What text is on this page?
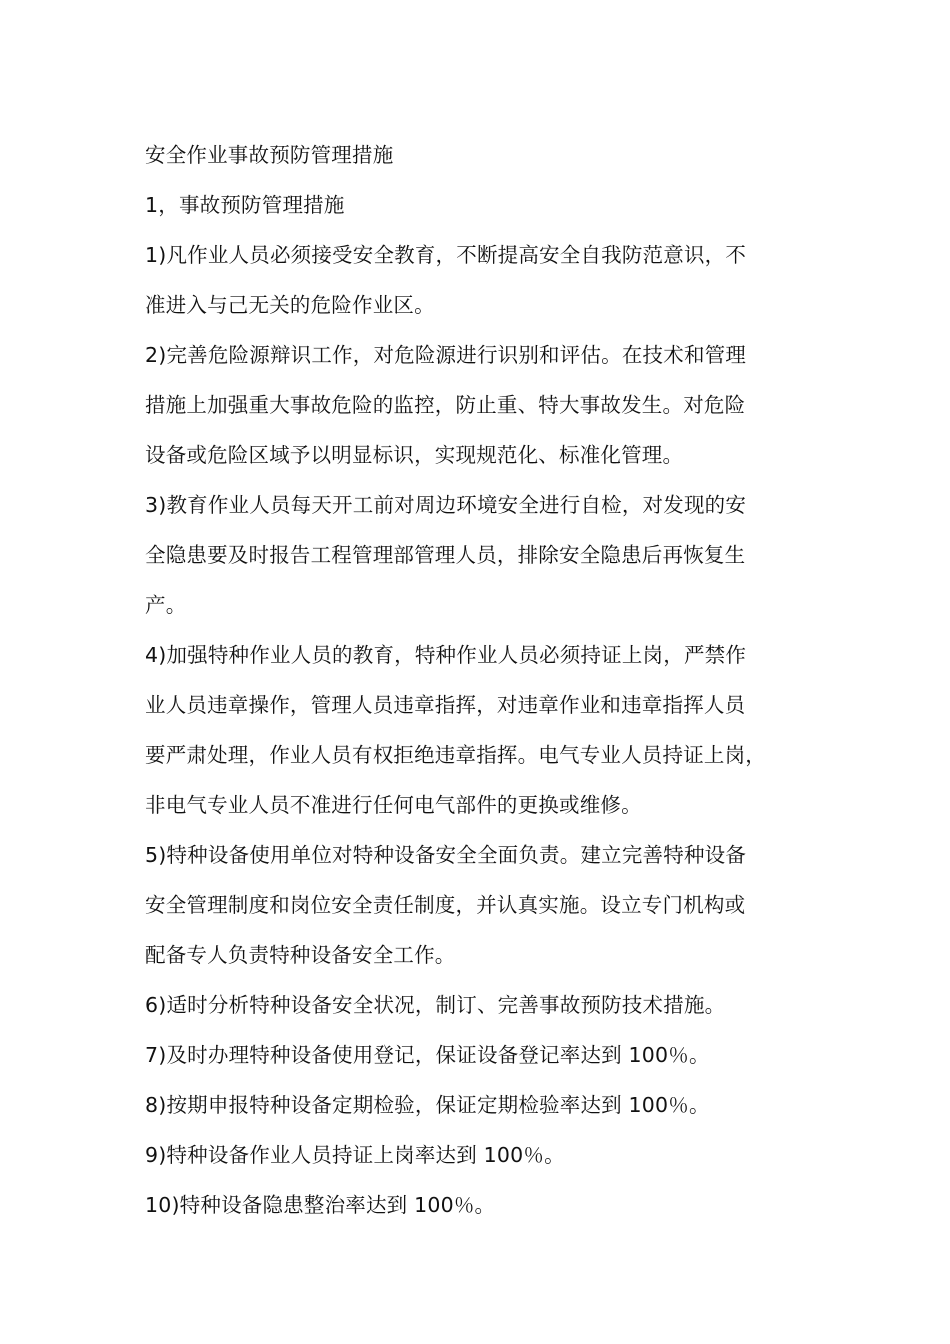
安全作业事故预防管理措施
1，事故预防管理措施
1)凡作业人员必须接受安全教育，不断提高安全自我防范意识，不
准进入与己无关的危险作业区。
2)完善危险源辩识工作，对危险源进行识别和评估。在技术和管理
措施上加强重大事故危险的监控，防止重、特大事故发生。对危险
设备或危险区域予以明显标识，实现规范化、标准化管理。
3)教育作业人员每天开工前对周边环境安全进行自检，对发现的安
全隐患要及时报告工程管理部管理人员，排除安全隐患后再恢复生
产。
4)加强特种作业人员的教育，特种作业人员必须持证上岗，严禁作
业人员违章操作，管理人员违章指挥，对违章作业和违章指挥人员
要严肃处理，作业人员有权拒绝违章指挥。电气专业人员持证上岗，
非电气专业人员不准进行任何电气部件的更换或维修。
5)特种设备使用单位对特种设备安全全面负责。建立完善特种设备
安全管理制度和岗位安全责任制度，并认真实施。设立专门机构或
配备专人负责特种设备安全工作。
6)适时分析特种设备安全状况，制订、完善事故预防技术措施。
7)及时办理特种设备使用登记，保证设备登记率达到 100％。
8)按期申报特种设备定期检验，保证定期检验率达到 100％。
9)特种设备作业人员持证上岗率达到 100％。
10)特种设备隐患整治率达到 100％。
